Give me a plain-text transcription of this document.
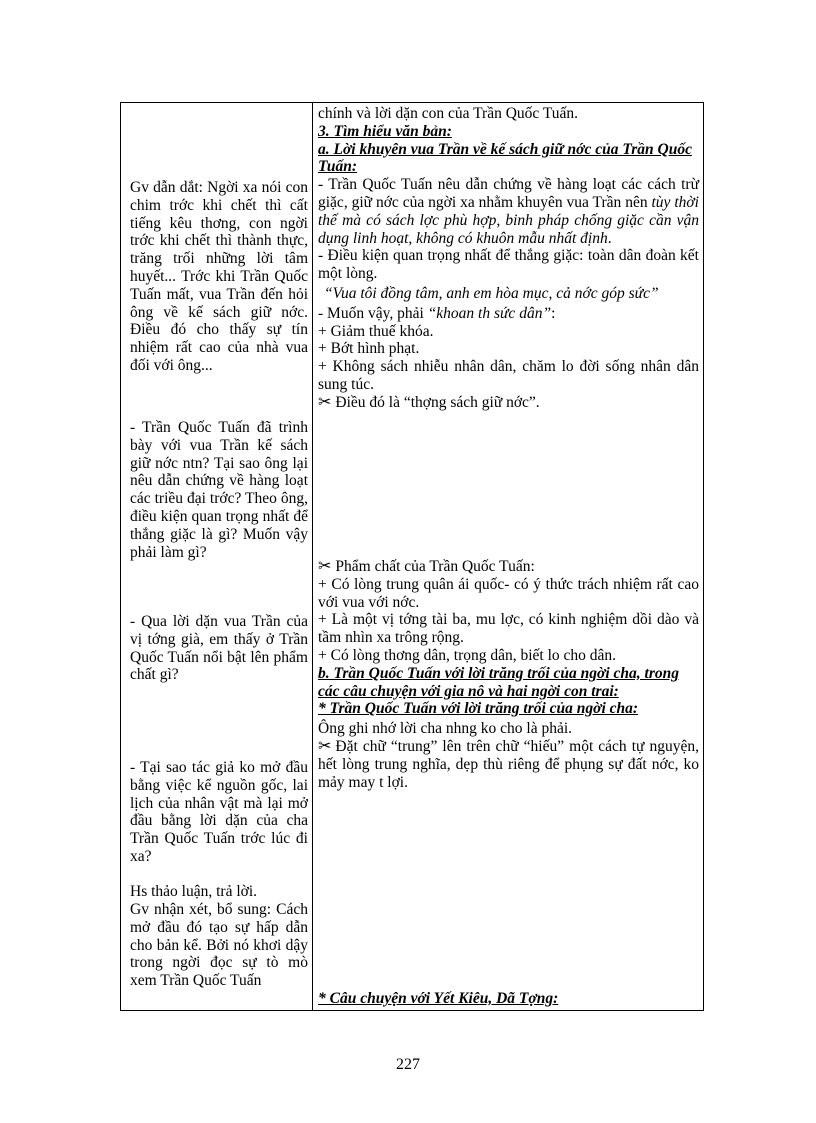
Gv dẫn dắt: Ngời xa nói con chim trớc khi chết thì cất tiếng kêu thơng, con ngời trớc khi chết thì thành thực, trăng trối những lời tâm huyết... Trớc khi Trần Quốc Tuấn mất, vua Trần đến hỏi ông về kế sách giữ nớc. Điều đó cho thấy sự tín nhiệm rất cao của nhà vua đối với ông...
- Trần Quốc Tuấn đã trình bày với vua Trần kế sách giữ nớc ntn? Tại sao ông lại nêu dẫn chứng về hàng loạt các triều đại trớc? Theo ông, điều kiện quan trọng nhất để thắng giặc là gì? Muốn vậy phải làm gì?
- Qua lời dặn vua Trần của vị tớng già, em thấy ở Trần Quốc Tuấn nổi bật lên phẩm chất gì?
- Tại sao tác giả ko mở đầu bằng việc kể nguồn gốc, lai lịch của nhân vật mà lại mở đầu bằng lời dặn của cha Trần Quốc Tuấn trớc lúc đi xa?
Hs thảo luận, trả lời.
Gv nhận xét, bổ sung: Cách mở đầu đó tạo sự hấp dẫn cho bản kể. Bởi nó khơi dậy trong ngời đọc sự tò mò xem Trần Quốc Tuấn

chính và lời dặn con của Trần Quốc Tuấn.

3. Tìm hiểu văn bản:

a. Lời khuyên vua Trần về kế sách giữ nớc của Trần Quốc Tuấn:

- Trần Quốc Tuấn nêu dẫn chứng về hàng loạt các cách trừ giặc, giữ nớc của ngời xa nhằm khuyên vua Trần nên tùy thời thế mà có sách lợc phù hợp, binh pháp chống giặc cần vận dụng linh hoạt, không có khuôn mẫu nhất định.

- Điều kiện quan trọng nhất để thắng giặc: toàn dân đoàn kết một lòng.

“Vua tôi đồng tâm, anh em hòa mục, cả nớc góp sức”

- Muốn vậy, phải “khoan th sức dân”:

+ Giảm thuế khóa.

+ Bớt hình phạt.

+ Không sách nhiễu nhân dân, chăm lo đời sống nhân dân sung túc.

✂ Điều đó là “thợng sách giữ nớc”.

✂ Phẩm chất của Trần Quốc Tuấn:

+ Có lòng trung quân ái quốc- có ý thức trách nhiệm rất cao với vua với nớc.

+ Là một vị tớng tài ba, mu lợc, có kinh nghiệm dồi dào và tầm nhìn xa trông rộng.

+ Có lòng thơng dân, trọng dân, biết lo cho dân.

b. Trần Quốc Tuấn với lời trăng trối của ngời cha, trong các câu chuyện với gia nô và hai ngời con trai:

* Trần Quốc Tuấn với lời trăng trối của ngời cha:

Ông ghi nhớ lời cha nhng ko cho là phải.

✂ Đặt chữ “trung” lên trên chữ “hiếu” một cách tự nguyện, hết lòng trung nghĩa, dẹp thù riêng để phụng sự đất nớc, ko mảy may t lợi.

* Câu chuyện với Yết Kiêu, Dã Tợng:

227
